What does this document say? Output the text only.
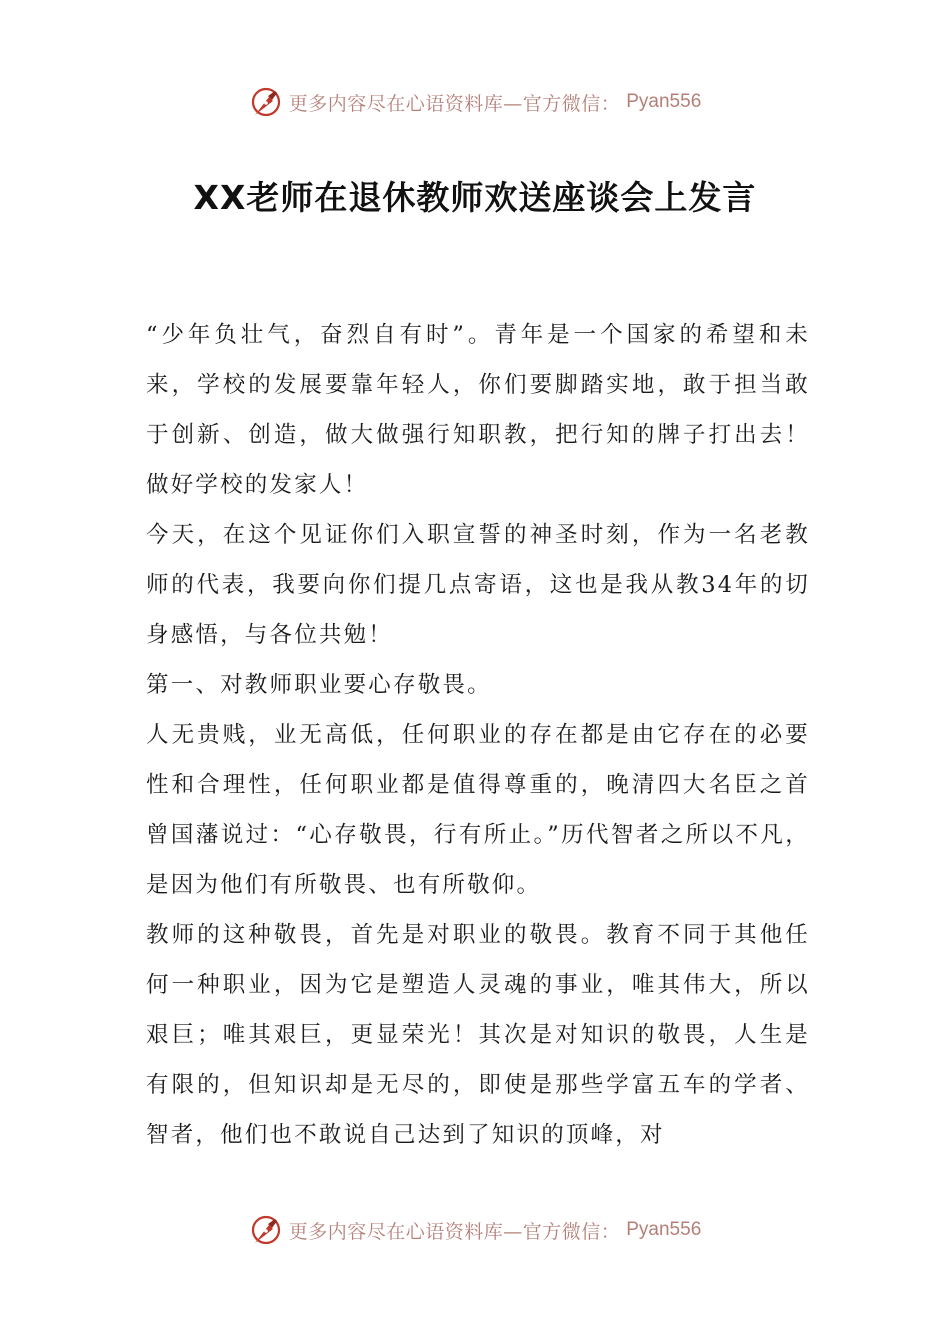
更多内容尽在心语资料库—官方微信： Pyan556
XX老师在退休教师欢送座谈会上发言

“少年负壮气，奋烈自有时”。青年是一个国家的希望和未来，学校的发展要靠年轻人，你们要脚踏实地，敢于担当敢于创新、创造，做大做强行知职教，把行知的牌子打出去！做好学校的发家人！

今天，在这个见证你们入职宣誓的神圣时刻，作为一名老教师的代表，我要向你们提几点寄语，这也是我从教34年的切身感悟，与各位共勉！

第一、对教师职业要心存敬畏。

人无贵贱，业无高低，任何职业的存在都是由它存在的必要性和合理性，任何职业都是值得尊重的，晚清四大名臣之首曾国藩说过：“心存敬畏，行有所止。”历代智者之所以不凡，是因为他们有所敬畏、也有所敬仰。

教师的这种敬畏，首先是对职业的敬畏。教育不同于其他任何一种职业，因为它是塑造人灵魂的事业，唯其伟大，所以艰巨；唯其艰巨，更显荣光！其次是对知识的敬畏，人生是有限的，但知识却是无尽的，即使是那些学富五车的学者、智者，他们也不敢说自己达到了知识的顶峰，对

更多内容尽在心语资料库—官方微信： Pyan556
